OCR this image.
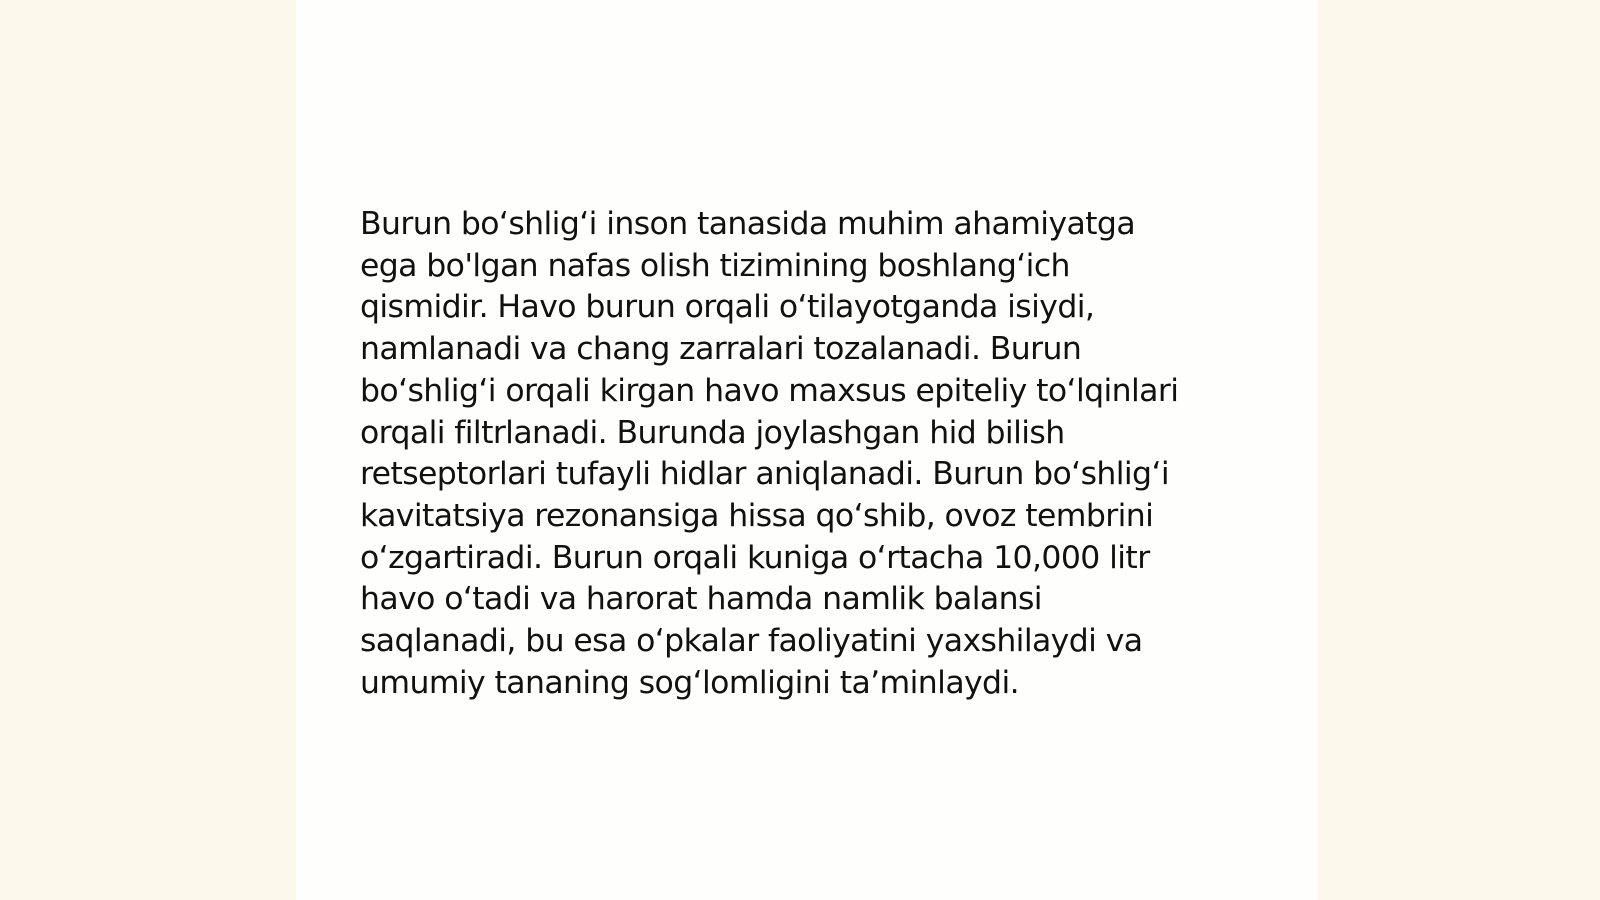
Burun bo‘shlig‘i inson tanasida muhim ahamiyatga
ega bo'lgan nafas olish tizimining boshlang‘ich
qismidir. Havo burun orqali o‘tilayotganda isiydi,
namlanadi va chang zarralari tozalanadi. Burun
bo‘shlig‘i orqali kirgan havo maxsus epiteliy to‘lqinlari
orqali filtrlanadi. Burunda joylashgan hid bilish
retseptorlari tufayli hidlar aniqlanadi. Burun bo‘shlig‘i
kavitatsiya rezonansiga hissa qo‘shib, ovoz tembrini
o‘zgartiradi. Burun orqali kuniga o‘rtacha 10,000 litr
havo o‘tadi va harorat hamda namlik balansi
saqlanadi, bu esa o‘pkalar faoliyatini yaxshilaydi va
umumiy tananing sog‘lomligini ta’minlaydi.
